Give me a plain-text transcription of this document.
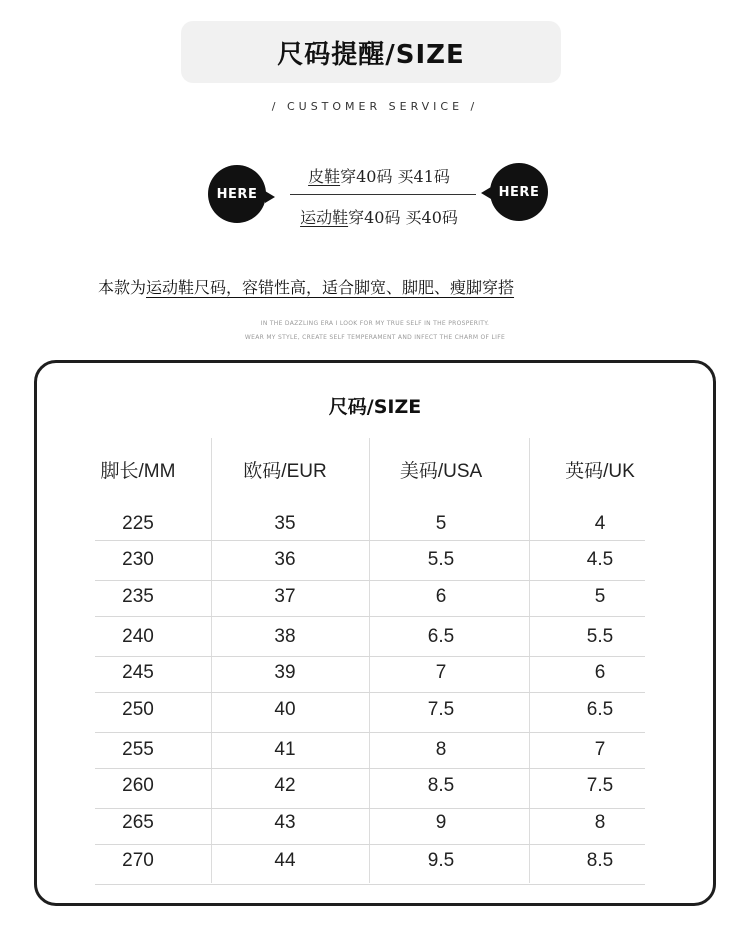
尺码提醒/SIZE
/ CUSTOMER SERVICE /
HERE
皮鞋穿40码 买41码
运动鞋穿40码 买40码
HERE
本款为运动鞋尺码，容错性高，适合脚宽、脚肥、瘦脚穿搭
IN THE DAZZLING ERA I LOOK FOR MY TRUE SELF IN THE PROSPERITY.
WEAR MY STYLE, CREATE SELF TEMPERAMENT AND INFECT THE CHARM OF LIFE
尺码/SIZE
脚长/MM	欧码/EUR	美码/USA	英码/UK
225	35	5	4
230	36	5.5	4.5
235	37	6	5
240	38	6.5	5.5
245	39	7	6
250	40	7.5	6.5
255	41	8	7
260	42	8.5	7.5
265	43	9	8
270	44	9.5	8.5
